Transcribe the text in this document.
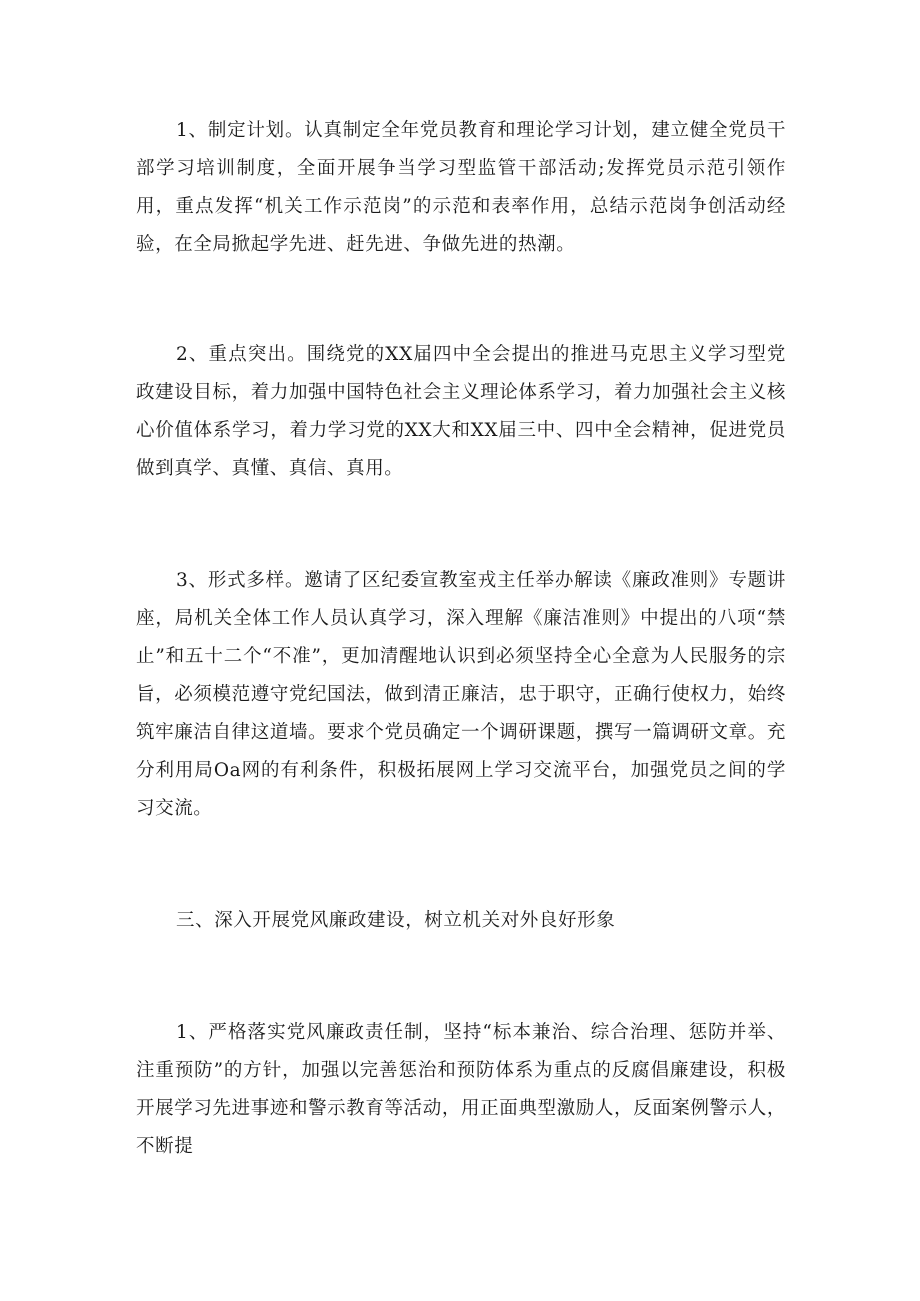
1、制定计划。认真制定全年党员教育和理论学习计划，建立健全党员干部学习培训制度，全面开展争当学习型监管干部活动;发挥党员示范引领作用，重点发挥“机关工作示范岗”的示范和表率作用，总结示范岗争创活动经验，在全局掀起学先进、赶先进、争做先进的热潮。

2、重点突出。围绕党的XX届四中全会提出的推进马克思主义学习型党政建设目标，着力加强中国特色社会主义理论体系学习，着力加强社会主义核心价值体系学习，着力学习党的XX大和XX届三中、四中全会精神，促进党员做到真学、真懂、真信、真用。

3、形式多样。邀请了区纪委宣教室戎主任举办解读《廉政准则》专题讲座，局机关全体工作人员认真学习，深入理解《廉洁准则》中提出的八项“禁止”和五十二个“不准”，更加清醒地认识到必须坚持全心全意为人民服务的宗旨，必须模范遵守党纪国法，做到清正廉洁，忠于职守，正确行使权力，始终筑牢廉洁自律这道墙。要求个党员确定一个调研课题，撰写一篇调研文章。充分利用局Oa网的有利条件，积极拓展网上学习交流平台，加强党员之间的学习交流。

三、深入开展党风廉政建设，树立机关对外良好形象

1、严格落实党风廉政责任制，坚持“标本兼治、综合治理、惩防并举、注重预防”的方针，加强以完善惩治和预防体系为重点的反腐倡廉建设，积极开展学习先进事迹和警示教育等活动，用正面典型激励人，反面案例警示人，不断提
